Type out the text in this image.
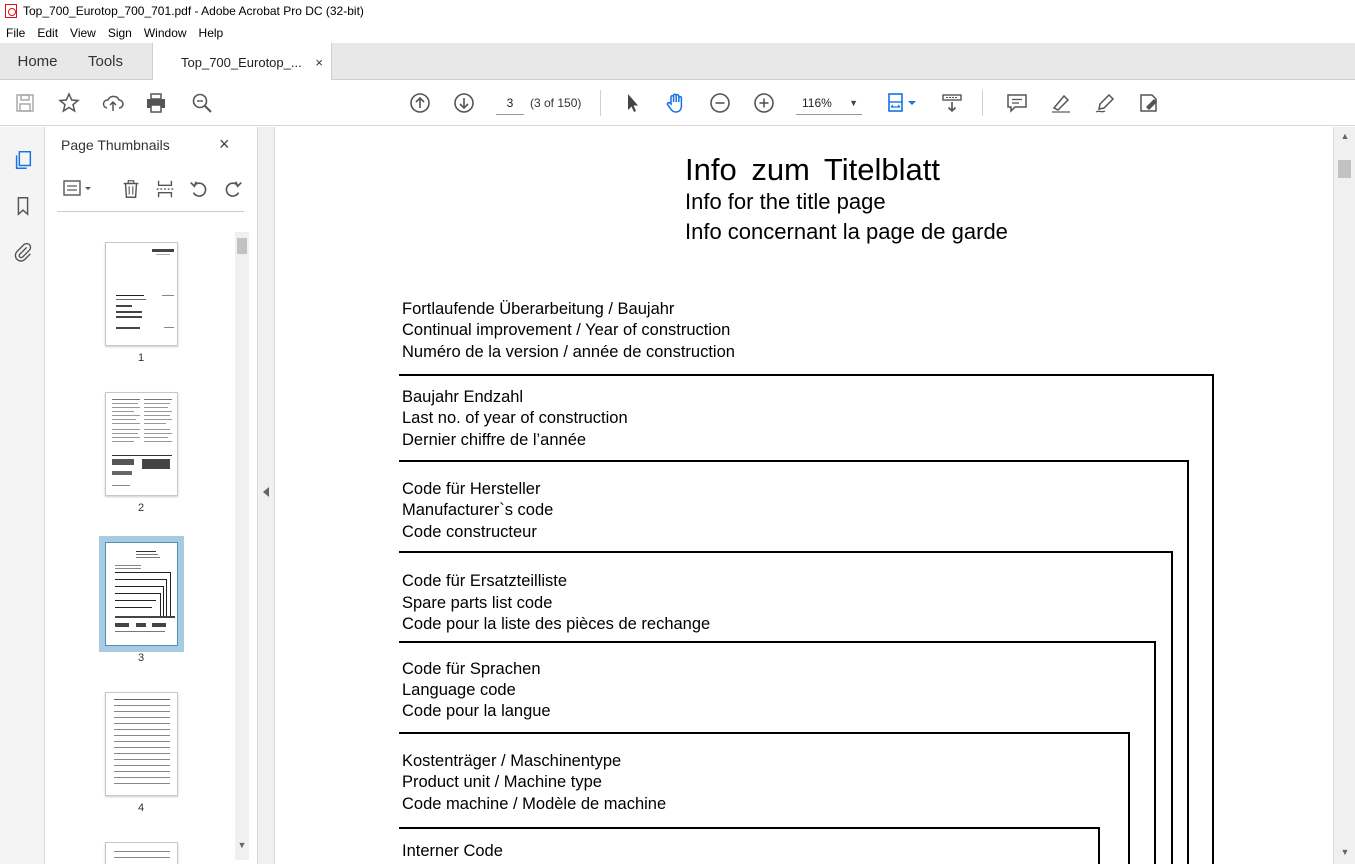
Top_700_Eurotop_700_701.pdf - Adobe Acrobat Pro DC (32-bit)
File	Edit	View	Sign	Window	Help
Home	Tools	Top_700_Eurotop_... ×
3	(3 of 150)	116% ▼
Page Thumbnails	×
1
2
3
4
▼
Info zum Titelblatt
Info for the title page
Info concernant la page de garde
Fortlaufende Überarbeitung / Baujahr
Continual improvement / Year of construction
Numéro de la version / année de construction
Baujahr Endzahl
Last no. of year of construction
Dernier chiffre de l’année
Code für Hersteller
Manufacturer`s code
Code constructeur
Code für Ersatzteilliste
Spare parts list code
Code pour la liste des pièces de rechange
Code für Sprachen
Language code
Code pour la langue
Kostenträger / Maschinentype
Product unit / Machine type
Code machine / Modèle de machine
Interner Code
▲
▼
